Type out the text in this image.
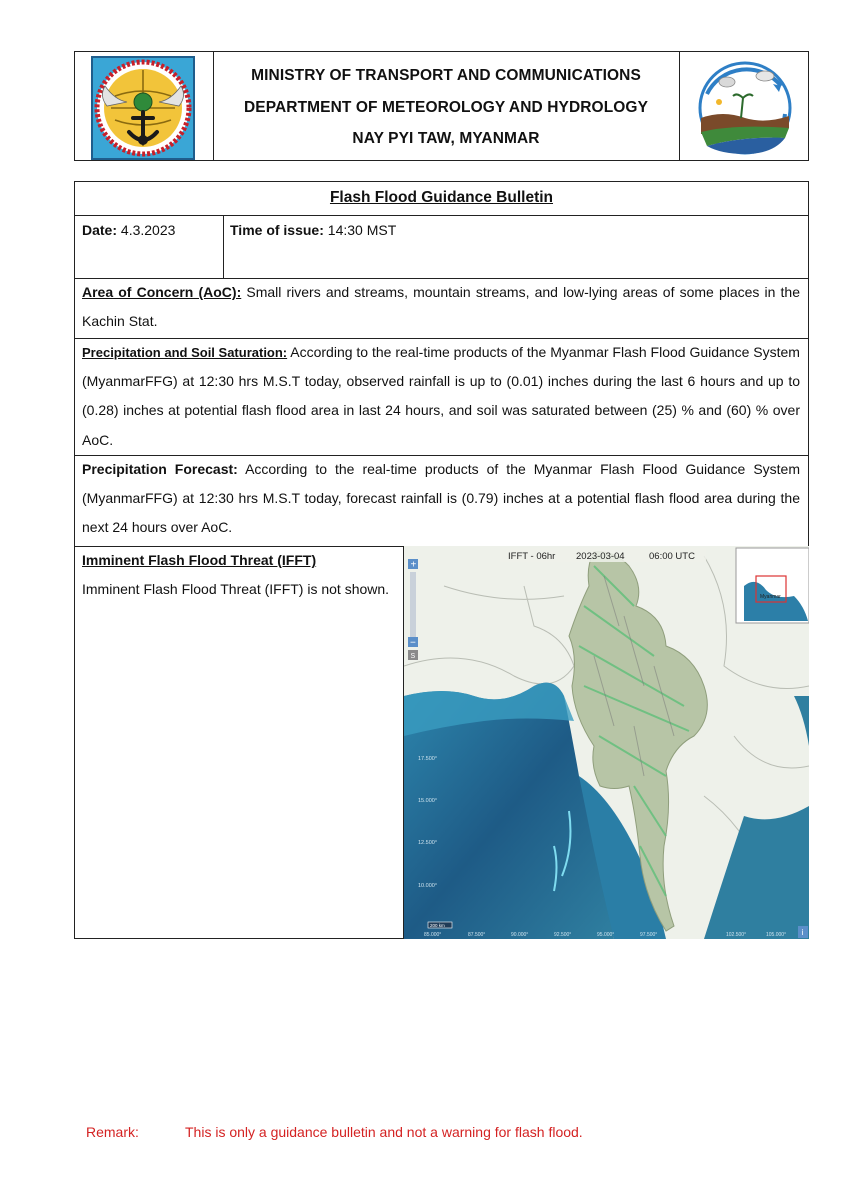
MINISTRY OF TRANSPORT AND COMMUNICATIONS
DEPARTMENT OF METEOROLOGY AND HYDROLOGY
NAY PYI TAW, MYANMAR
Flash Flood Guidance Bulletin
Date: 4.3.2023	Time of issue: 14:30 MST
Area of Concern (AoC): Small rivers and streams, mountain streams, and low-lying areas of some places in the Kachin Stat.
Precipitation and Soil Saturation: According to the real-time products of the Myanmar Flash Flood Guidance System (MyanmarFFG) at 12:30 hrs M.S.T today, observed rainfall is up to (0.01) inches during the last 6 hours and up to (0.28) inches at potential flash flood area in last 24 hours, and soil was saturated between (25) % and (60) % over AoC.
Precipitation Forecast: According to the real-time products of the Myanmar Flash Flood Guidance System (MyanmarFFG) at 12:30 hrs M.S.T today, forecast rainfall is (0.79) inches at a potential flash flood area during the next 24 hours over AoC.
Imminent Flash Flood Threat (IFFT)
Imminent Flash Flood Threat (IFFT) is not shown.
IFFT - 06hr 2023-03-04	06:00 UTC
+
−
S
Myanmar
17.500°
15.000°
12.500°
10.000°
200 km
85.000°	87.500°	90.000°	92.500°	95.000°	97.500°	102.500°	105.000° i
Remark:	This is only a guidance bulletin and not a warning for flash flood.
